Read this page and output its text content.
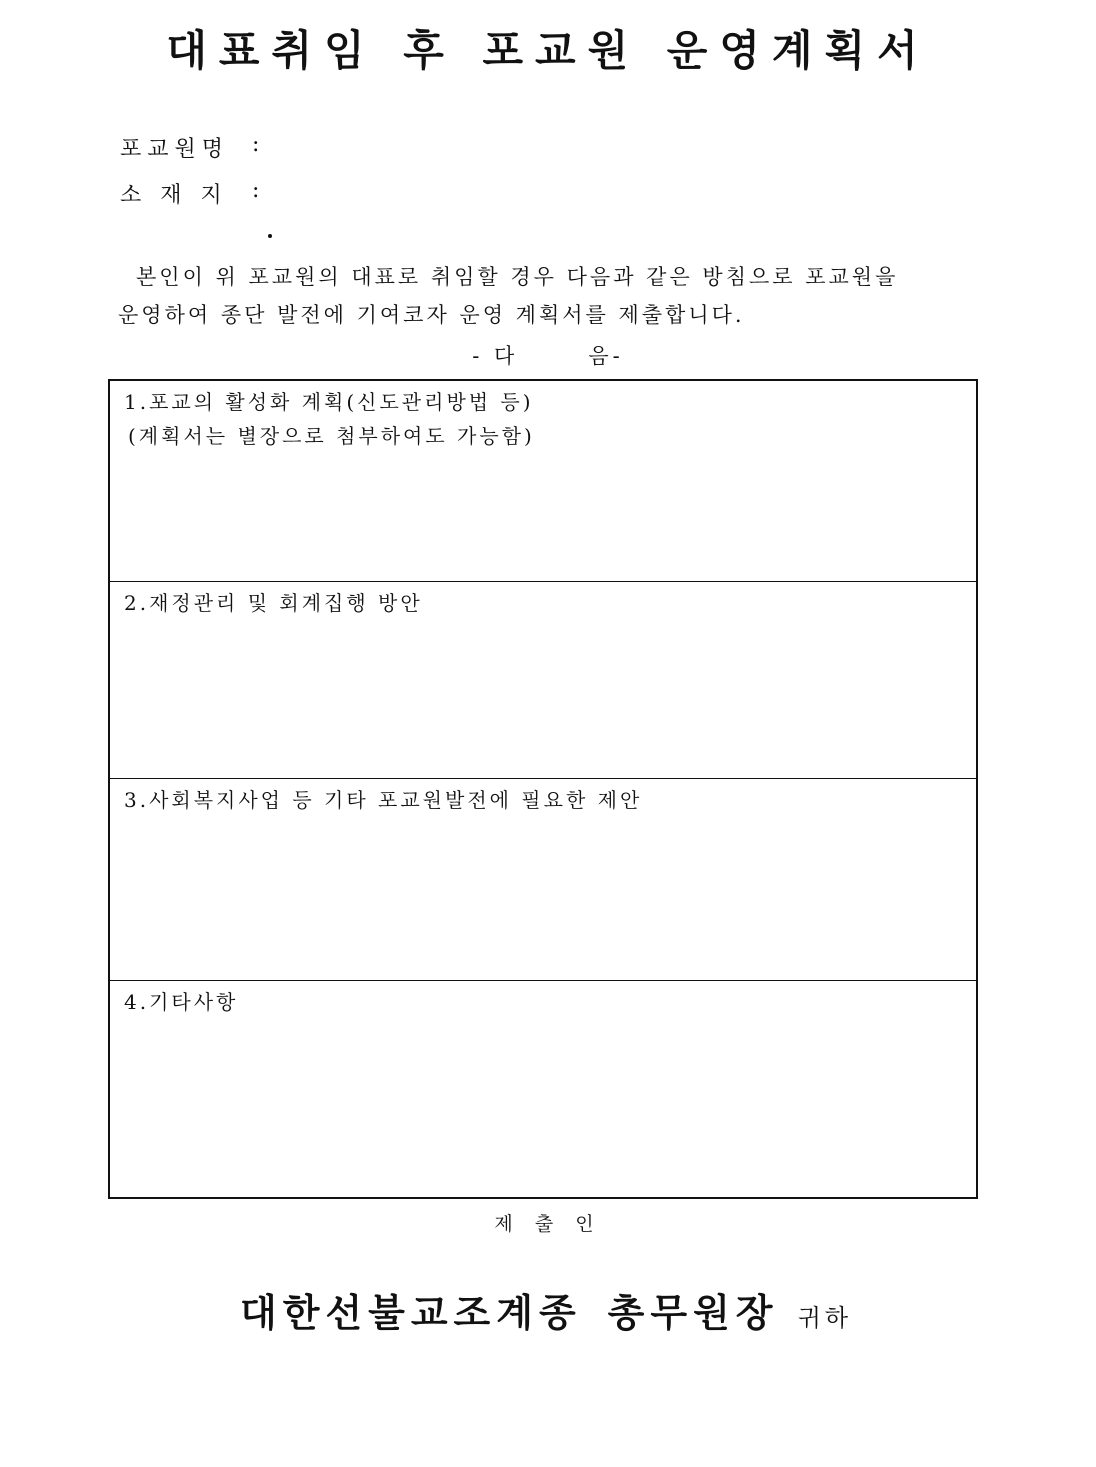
대표취임 후 포교원 운영계획서
포교원명 :
소 재 지 :
본인이 위 포교원의 대표로 취임할 경우 다음과 같은 방침으로 포교원을
운영하여 종단 발전에 기여코자 운영 계획서를 제출합니다.
- 다	음-
1.포교의 활성화 계획(신도관리방법 등)
(계획서는 별장으로 첨부하여도 가능함)
2.재정관리 및 회계집행 방안
3.사회복지사업 등 기타 포교원발전에 필요한 제안
4.기타사항
제 출 인
대한선불교조계종 총무원장 귀하
